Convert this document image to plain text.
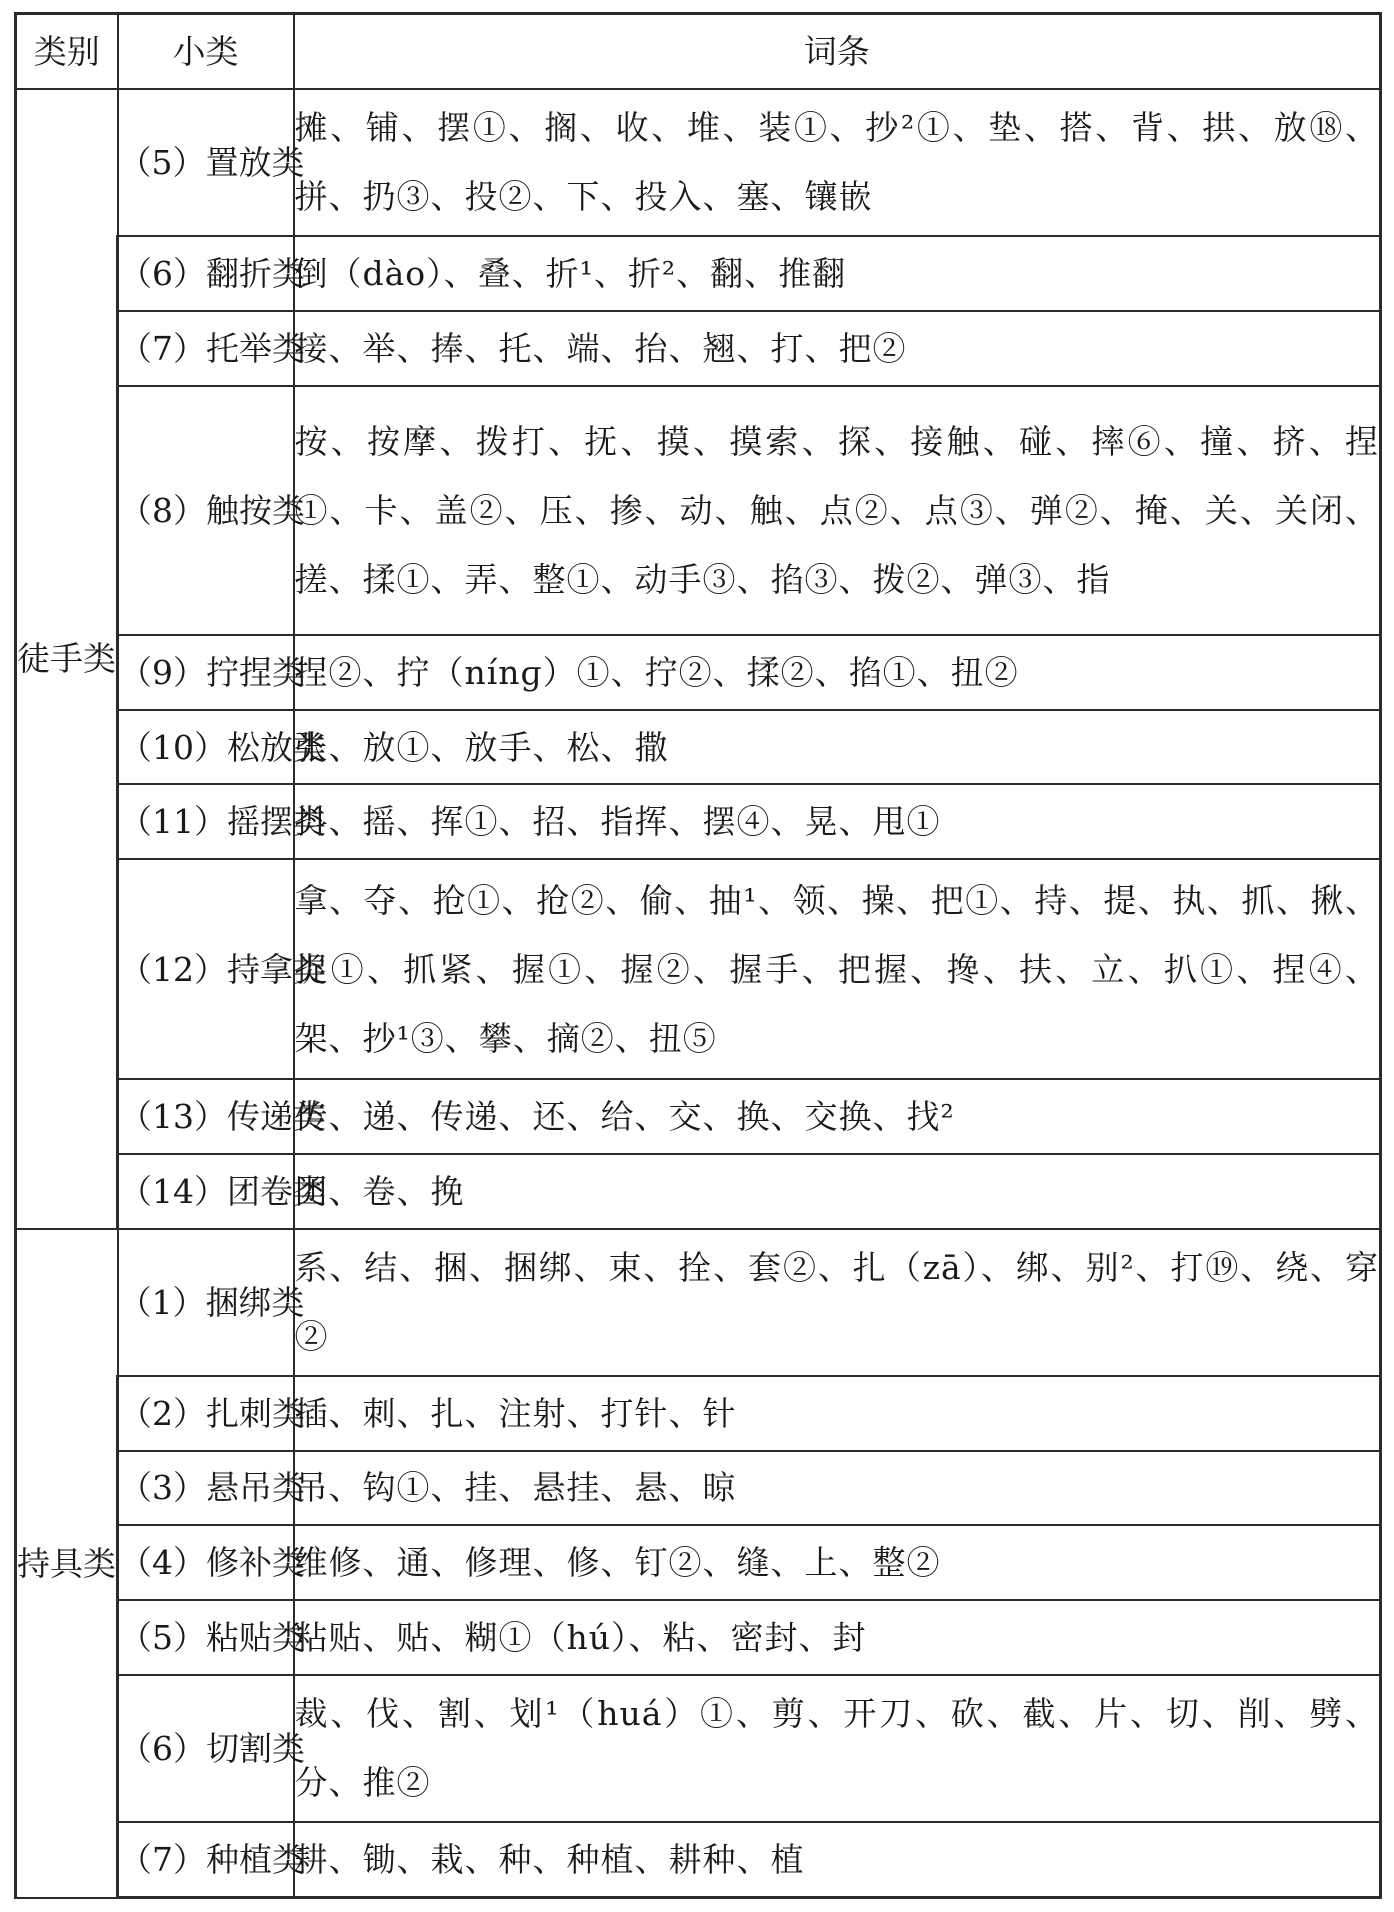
类别	小类	词条
徒手类	（5）置放类	摊、铺、摆①、搁、收、堆、装①、抄²①、垫、搭、背、拱、放⑱、拼、扔③、投②、下、投入、塞、镶嵌
	（6）翻折类	倒（dào）、叠、折¹、折²、翻、推翻
	（7）托举类	接、举、捧、托、端、抬、翘、打、把②
	（8）触按类	按、按摩、拨打、抚、摸、摸索、探、接触、碰、摔⑥、撞、挤、捏①、卡、盖②、压、掺、动、触、点②、点③、弹②、掩、关、关闭、搓、揉①、弄、整①、动手③、掐③、拨②、弹③、指
	（9）拧捏类	捏②、拧（nínɡ）①、拧②、揉②、掐①、扭②
	（10）松放类	张、放①、放手、松、撒
	（11）摇摆类	抖、摇、挥①、招、指挥、摆④、晃、甩①
	（12）持拿类	拿、夺、抢①、抢②、偷、抽¹、领、操、把①、持、提、执、抓、揪、捉①、抓紧、握①、握②、握手、把握、搀、扶、立、扒①、捏④、架、抄¹③、攀、摘②、扭⑤
	（13）传递类	传、递、传递、还、给、交、换、交换、找²
	（14）团卷类	团、卷、挽
持具类	（1）捆绑类	系、结、捆、捆绑、束、拴、套②、扎（zā）、绑、别²、打⑲、绕、穿②
	（2）扎刺类	插、刺、扎、注射、打针、针
	（3）悬吊类	吊、钩①、挂、悬挂、悬、晾
	（4）修补类	维修、通、修理、修、钉②、缝、上、整②
	（5）粘贴类	粘贴、贴、糊①（hú）、粘、密封、封
	（6）切割类	裁、伐、割、划¹（huá）①、剪、开刀、砍、截、片、切、削、劈、分、推②
	（7）种植类	耕、锄、栽、种、种植、耕种、植
